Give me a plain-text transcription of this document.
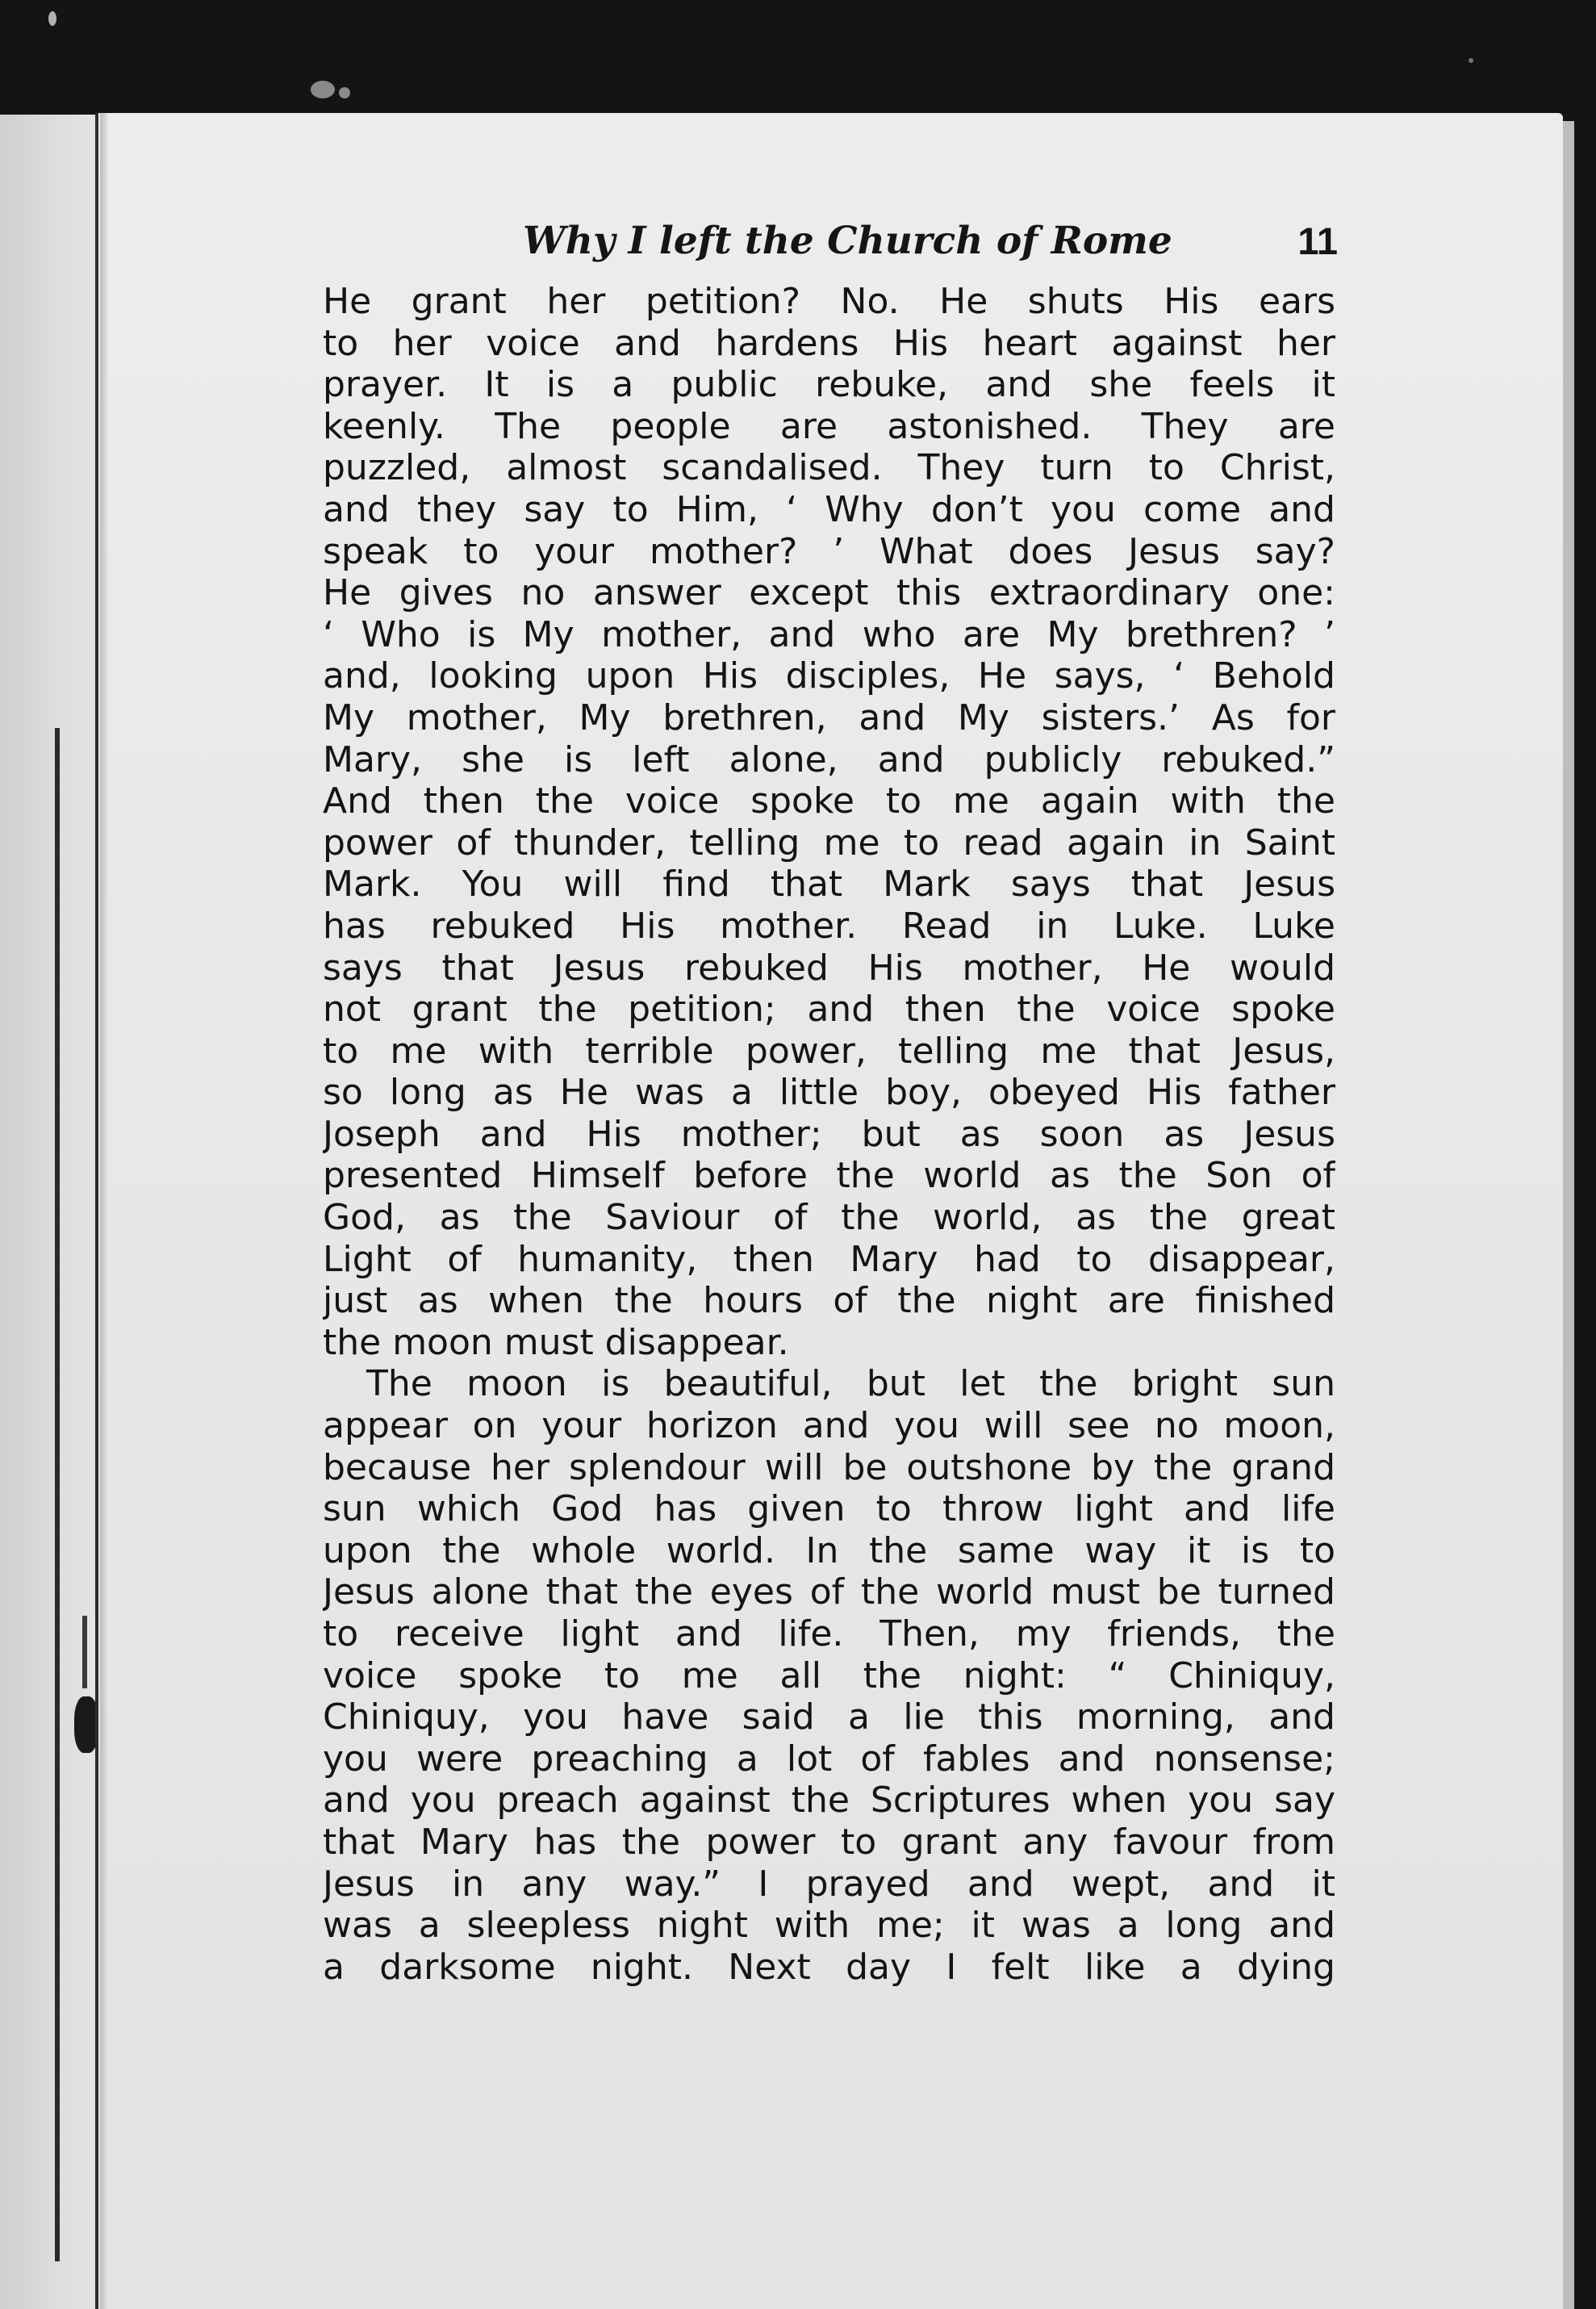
Why I left the Church of Rome	11
He grant her petition? No. He shuts His ears
to her voice and hardens His heart against her
prayer. It is a public rebuke, and she feels it
keenly. The people are astonished. They are
puzzled, almost scandalised. They turn to Christ,
and they say to Him, ‘ Why don’t you come and
speak to your mother? ’ What does Jesus say?
He gives no answer except this extraordinary one:
‘ Who is My mother, and who are My brethren? ’
and, looking upon His disciples, He says, ‘ Behold
My mother, My brethren, and My sisters.’ As for
Mary, she is left alone, and publicly rebuked.”
And then the voice spoke to me again with the
power of thunder, telling me to read again in Saint
Mark. You will find that Mark says that Jesus
has rebuked His mother. Read in Luke. Luke
says that Jesus rebuked His mother, He would
not grant the petition; and then the voice spoke
to me with terrible power, telling me that Jesus,
so long as He was a little boy, obeyed His father
Joseph and His mother; but as soon as Jesus
presented Himself before the world as the Son of
God, as the Saviour of the world, as the great
Light of humanity, then Mary had to disappear,
just as when the hours of the night are finished
the moon must disappear.
The moon is beautiful, but let the bright sun
appear on your horizon and you will see no moon,
because her splendour will be outshone by the grand
sun which God has given to throw light and life
upon the whole world. In the same way it is to
Jesus alone that the eyes of the world must be turned
to receive light and life. Then, my friends, the
voice spoke to me all the night: “ Chiniquy,
Chiniquy, you have said a lie this morning, and
you were preaching a lot of fables and nonsense;
and you preach against the Scriptures when you say
that Mary has the power to grant any favour from
Jesus in any way.” I prayed and wept, and it
was a sleepless night with me; it was a long and
a darksome night. Next day I felt like a dying
